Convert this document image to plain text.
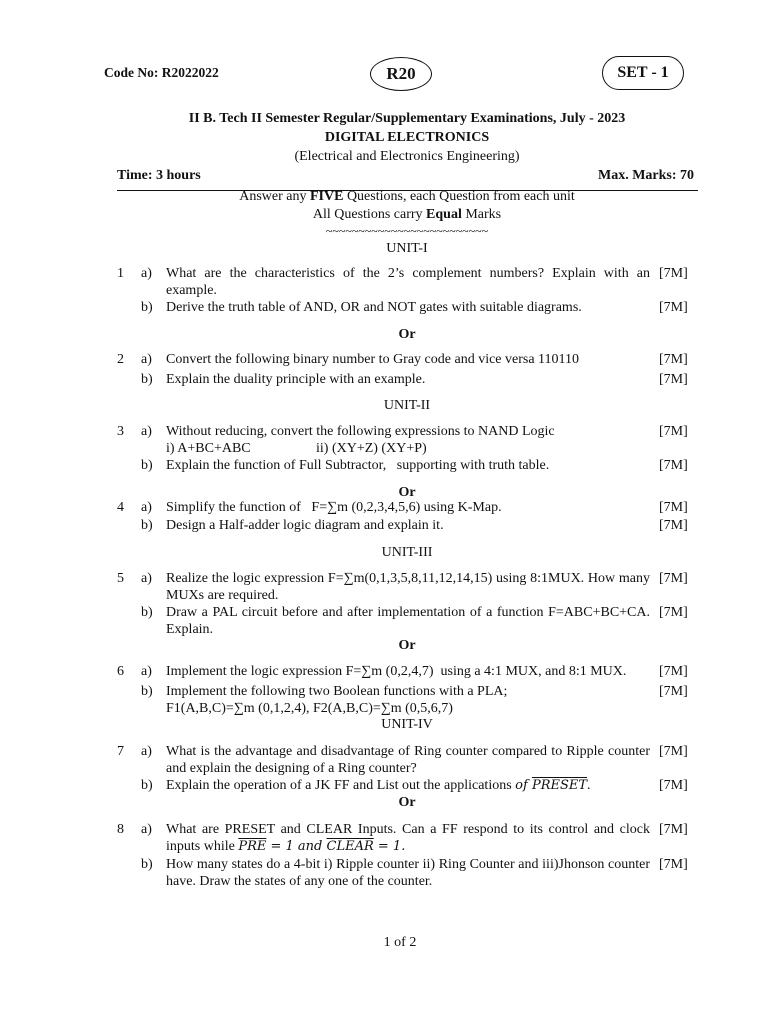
Code No: R2022022	R20	SET - 1
II B. Tech II Semester Regular/Supplementary Examinations, July - 2023
DIGITAL ELECTRONICS
(Electrical and Electronics Engineering)
Time: 3 hours	Max. Marks: 70
Answer any FIVE Questions, each Question from each unit
All Questions carry Equal Marks
~~~~~~~~~~~~~~~~~~~~~~~~~
UNIT-I
1	a)	What are the characteristics of the 2’s complement numbers? Explain with an example.
[7M]
b) Derive the truth table of AND, OR and NOT gates with suitable diagrams.	[7M]
Or
2	a)	Convert the following binary number to Gray code and vice versa 110110	[7M]
b) Explain the duality principle with an example.	[7M]
UNIT-II
3	a)	Without reducing, convert the following expressions to NAND Logic	[7M]
i) A+BC+ABC	ii) (XY+Z) (XY+P)
b) Explain the function of Full Subtractor,   supporting with truth table.	[7M]
Or
4	a)	Simplify the function of   F=∑m (0,2,3,4,5,6) using K-Map.	[7M]
b) Design a Half-adder logic diagram and explain it.	[7M]
UNIT-III
5	a)	Realize the logic expression F=∑m(0,1,3,5,8,11,12,14,15) using 8:1MUX. How many MUXs are required.
[7M]
b) Draw a PAL circuit before and after implementation of a function F=ABC+BC+CA. Explain.
[7M]
Or
6	a)	Implement the logic expression F=∑m (0,2,4,7)  using a 4:1 MUX, and 8:1 MUX.	[7M]
b) Implement the following two Boolean functions with a PLA;	[7M]
F1(A,B,C)=∑m (0,1,2,4), F2(A,B,C)=∑m (0,5,6,7)
UNIT-IV
7	a)	What is the advantage and disadvantage of Ring counter compared to Ripple counter and explain the designing of a Ring counter?
[7M]
b) Explain the operation of a JK FF and List out the applications of PRESET.	[7M]
Or
8	a)	What are PRESET and CLEAR Inputs. Can a FF respond to its control and clock inputs while $\overline{PRE} = 1$ and CLEAR = 1.
[7M]
b) How many states do a 4-bit i) Ripple counter ii) Ring Counter and iii)Jhonson counter have. Draw the states of any one of the counter.
[7M]
1 of 2
